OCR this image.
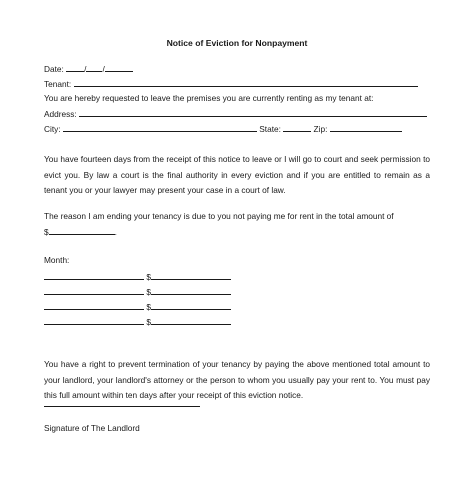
Notice of Eviction for Nonpayment
Date: / /
Tenant:
You are hereby requested to leave the premises you are currently renting as my tenant at:
Address:
City:	State:	Zip:
You have fourteen days from the receipt of this notice to leave or I will go to court and seek permission to evict you. By law a court is the final authority in every eviction and if you are entitled to remain as a tenant you or your lawyer may present your case in a court of law.
The reason I am ending your tenancy is due to you not paying me for rent in the total amount of
$	.
Month:
$
$
$
$
You have a right to prevent termination of your tenancy by paying the above mentioned total amount to your landlord, your landlord's attorney or the person to whom you usually pay your rent to. You must pay this full amount within ten days after your receipt of this eviction notice.
Signature of The Landlord
